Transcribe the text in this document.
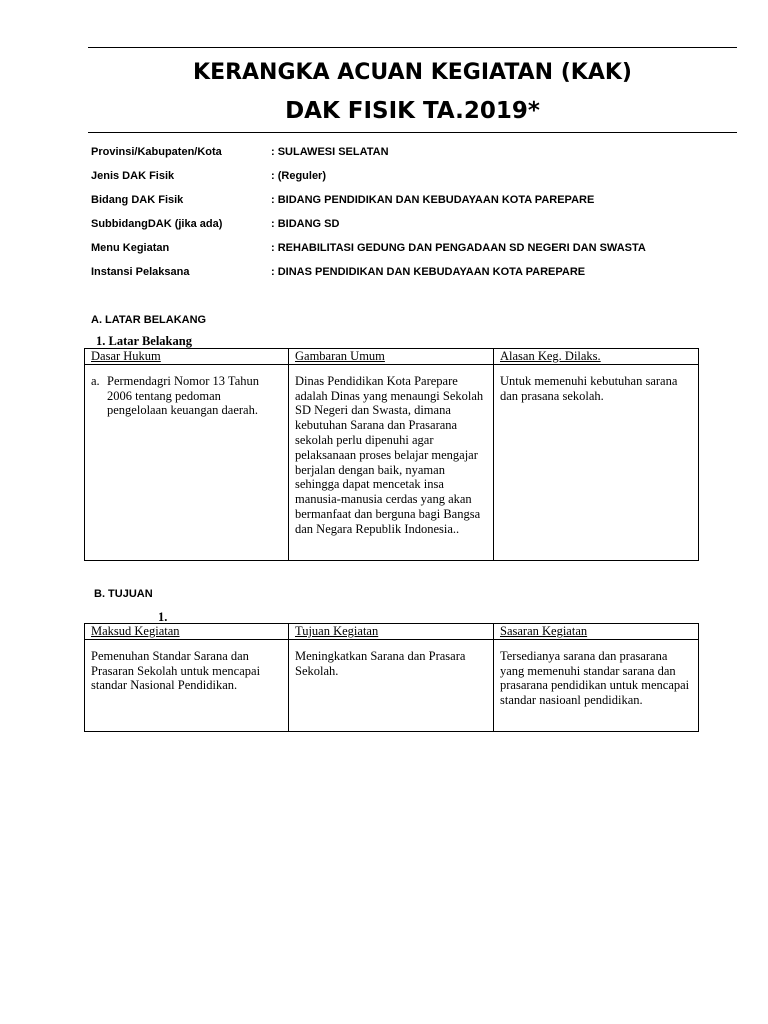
KERANGKA ACUAN KEGIATAN (KAK)
DAK FISIK TA.2019*
Provinsi/Kabupaten/Kota	: SULAWESI SELATAN
Jenis DAK Fisik	: (Reguler)
Bidang DAK Fisik	: BIDANG PENDIDIKAN DAN KEBUDAYAAN KOTA PAREPARE
SubbidangDAK (jika ada)	: BIDANG SD
Menu Kegiatan	: REHABILITASI GEDUNG DAN PENGADAAN SD NEGERI DAN SWASTA
Instansi Pelaksana	: DINAS PENDIDIKAN DAN KEBUDAYAAN KOTA PAREPARE
A. LATAR BELAKANG
1. Latar Belakang
Dasar Hukum	Gambaran Umum	Alasan Keg. Dilaks.

a. Permendagri Nomor 13 Tahun 2006 tentang pedoman pengelolaan keuangan daerah.	Dinas Pendidikan Kota Parepare adalah Dinas yang menaungi Sekolah SD Negeri dan Swasta, dimana kebutuhan Sarana dan Prasarana sekolah perlu dipenuhi agar pelaksanaan proses belajar mengajar berjalan dengan baik, nyaman sehingga dapat mencetak insa manusia-manusia cerdas yang akan bermanfaat dan berguna bagi Bangsa dan Negara Republik Indonesia..	Untuk memenuhi kebutuhan sarana dan prasana sekolah.
B. TUJUAN
1.
Maksud Kegiatan	Tujuan Kegiatan	Sasaran Kegiatan
Pemenuhan Standar Sarana dan Prasaran Sekolah untuk mencapai standar Nasional Pendidikan.	Meningkatkan Sarana dan Prasara Sekolah.	Tersedianya sarana dan prasarana yang memenuhi standar sarana dan prasarana pendidikan untuk mencapai standar nasioanl pendidikan.
